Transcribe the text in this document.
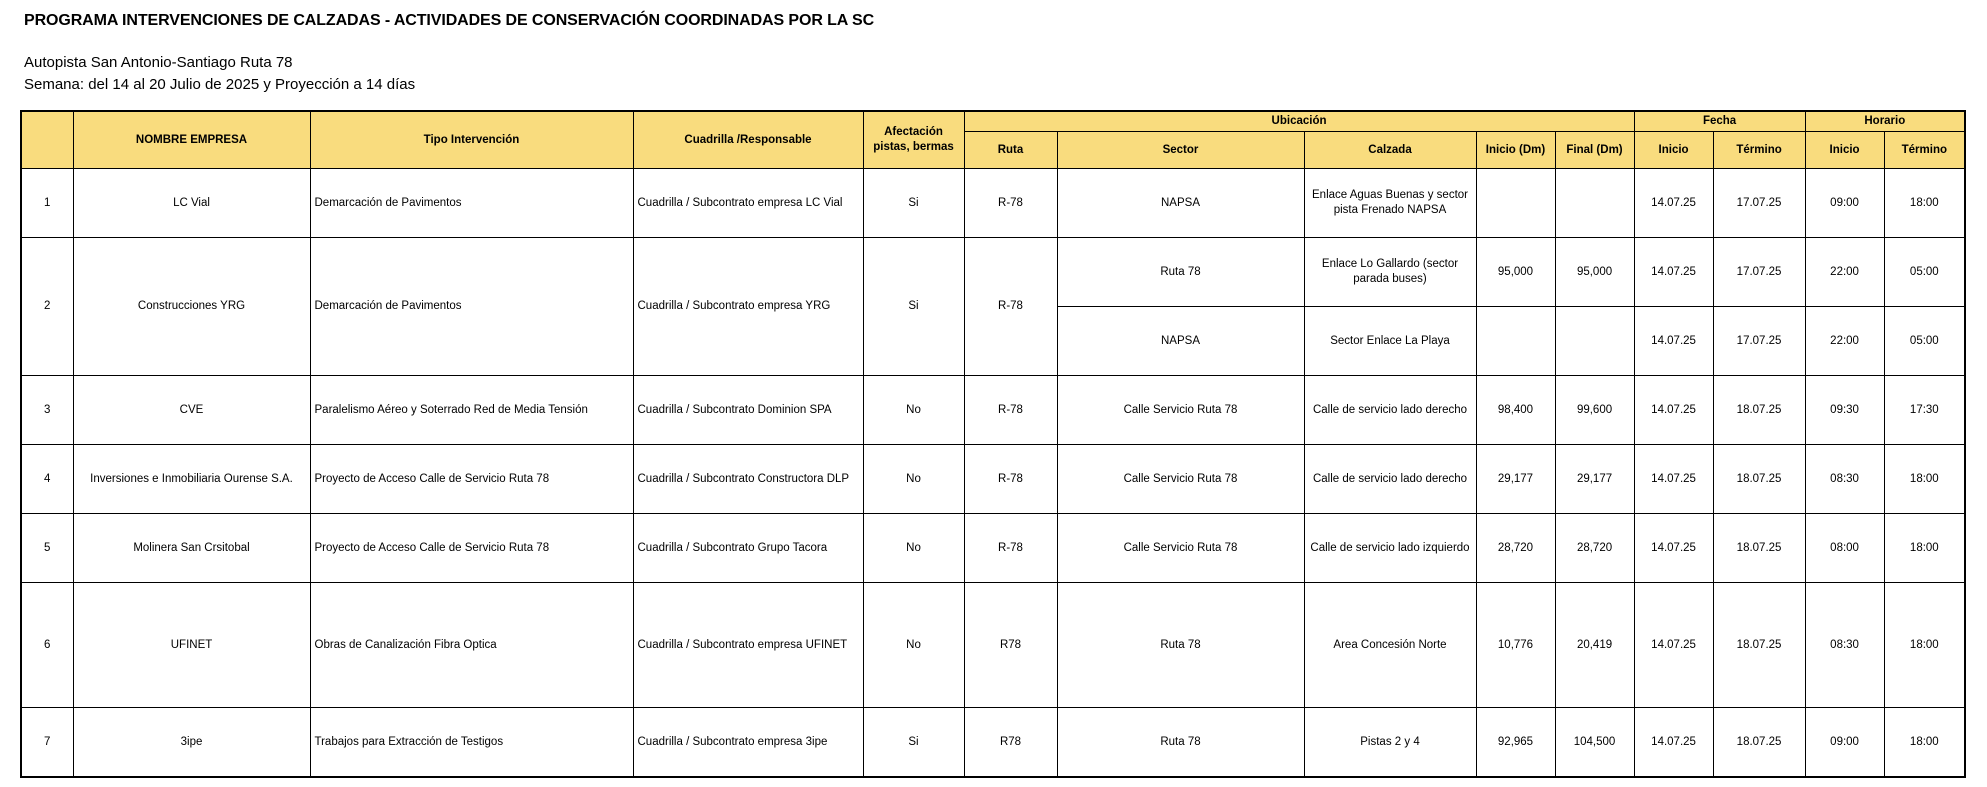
PROGRAMA INTERVENCIONES DE CALZADAS - ACTIVIDADES DE CONSERVACIÓN COORDINADAS POR LA SC
Autopista San Antonio-Santiago Ruta 78
Semana: del 14 al 20 Julio de 2025 y Proyección a 14 días
	NOMBRE EMPRESA	Tipo Intervención	Cuadrilla /Responsable	Afectación pistas, bermas	Ubicación					Fecha		Horario	
					Ruta	Sector	Calzada	Inicio (Dm)	Final (Dm)	Inicio	Término	Inicio	Término
1	LC Vial	Demarcación de Pavimentos	Cuadrilla / Subcontrato empresa LC Vial	Si	R-78	NAPSA	Enlace Aguas Buenas y sector pista Frenado NAPSA			14.07.25	17.07.25	09:00	18:00
2	Construcciones YRG	Demarcación de Pavimentos	Cuadrilla / Subcontrato empresa YRG	Si	R-78	Ruta 78	Enlace Lo Gallardo (sector parada buses)	95,000	95,000	14.07.25	17.07.25	22:00	05:00
						NAPSA	Sector Enlace La Playa			14.07.25	17.07.25	22:00	05:00
3	CVE	Paralelismo Aéreo y Soterrado Red de Media Tensión	Cuadrilla / Subcontrato Dominion SPA	No	R-78	Calle Servicio Ruta 78	Calle de servicio lado derecho	98,400	99,600	14.07.25	18.07.25	09:30	17:30
4	Inversiones e Inmobiliaria Ourense S.A.	Proyecto de Acceso Calle de Servicio Ruta 78	Cuadrilla / Subcontrato Constructora DLP	No	R-78	Calle Servicio Ruta 78	Calle de servicio lado derecho	29,177	29,177	14.07.25	18.07.25	08:30	18:00
5	Molinera San Crsitobal	Proyecto de Acceso Calle de Servicio Ruta 78	Cuadrilla / Subcontrato Grupo Tacora	No	R-78	Calle Servicio Ruta 78	Calle de servicio lado izquierdo	28,720	28,720	14.07.25	18.07.25	08:00	18:00
6	UFINET	Obras de Canalización Fibra Optica	Cuadrilla / Subcontrato empresa UFINET	No	R78	Ruta 78	Area Concesión Norte	10,776	20,419	14.07.25	18.07.25	08:30	18:00
7	3ipe	Trabajos para Extracción de Testigos	Cuadrilla / Subcontrato empresa 3ipe	Si	R78	Ruta 78	Pistas 2 y 4	92,965	104,500	14.07.25	18.07.25	09:00	18:00
